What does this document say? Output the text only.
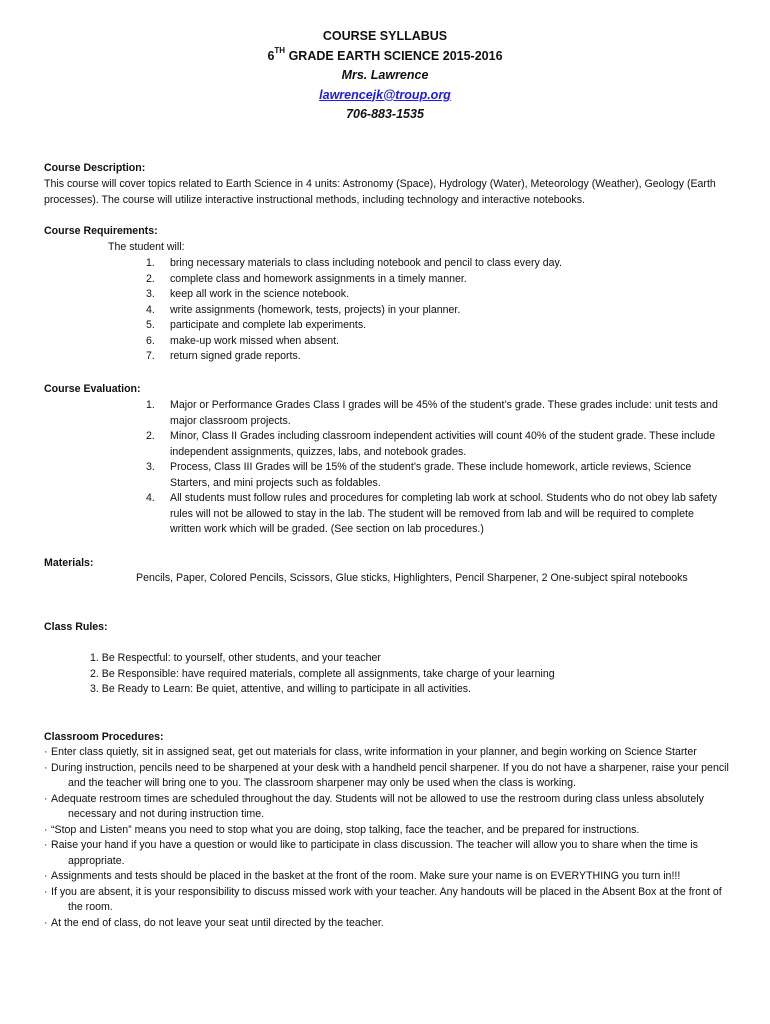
COURSE SYLLABUS
6TH GRADE EARTH SCIENCE 2015-2016
Mrs. Lawrence
lawrencejk@troup.org
706-883-1535
Course Description:
This course will cover topics related to Earth Science in 4 units: Astronomy (Space), Hydrology (Water), Meteorology (Weather), Geology (Earth processes). The course will utilize interactive instructional methods, including technology and interactive notebooks.
Course Requirements:
The student will:
1. bring necessary materials to class including notebook and pencil to class every day.
2. complete class and homework assignments in a timely manner.
3. keep all work in the science notebook.
4. write assignments (homework, tests, projects) in your planner.
5. participate and complete lab experiments.
6. make-up work missed when absent.
7. return signed grade reports.
Course Evaluation:
1. Major or Performance Grades Class I grades will be 45% of the student’s grade. These grades include: unit tests and major classroom projects.
2. Minor, Class II Grades including classroom independent activities will count 40% of the student grade. These include independent assignments, quizzes, labs, and notebook grades.
3. Process, Class III Grades will be 15% of the student’s grade. These include homework, article reviews, Science Starters, and mini projects such as foldables.
4. All students must follow rules and procedures for completing lab work at school. Students who do not obey lab safety rules will not be allowed to stay in the lab. The student will be removed from lab and will be required to complete written work which will be graded. (See section on lab procedures.)
Materials:
Pencils, Paper, Colored Pencils, Scissors, Glue sticks, Highlighters, Pencil Sharpener, 2 One-subject spiral notebooks
Class Rules:
1. Be Respectful: to yourself, other students, and your teacher
2. Be Responsible: have required materials, complete all assignments, take charge of your learning
3. Be Ready to Learn: Be quiet, attentive, and willing to participate in all activities.
Classroom Procedures:
· Enter class quietly, sit in assigned seat, get out materials for class, write information in your planner, and begin working on Science Starter
· During instruction, pencils need to be sharpened at your desk with a handheld pencil sharpener. If you do not have a sharpener, raise your pencil and the teacher will bring one to you. The classroom sharpener may only be used when the class is working.
· Adequate restroom times are scheduled throughout the day. Students will not be allowed to use the restroom during class unless absolutely necessary and not during instruction time.
· “Stop and Listen” means you need to stop what you are doing, stop talking, face the teacher, and be prepared for instructions.
· Raise your hand if you have a question or would like to participate in class discussion. The teacher will allow you to share when the time is appropriate.
· Assignments and tests should be placed in the basket at the front of the room. Make sure your name is on EVERYTHING you turn in!!!
· If you are absent, it is your responsibility to discuss missed work with your teacher. Any handouts will be placed in the Absent Box at the front of the room.
· At the end of class, do not leave your seat until directed by the teacher.
